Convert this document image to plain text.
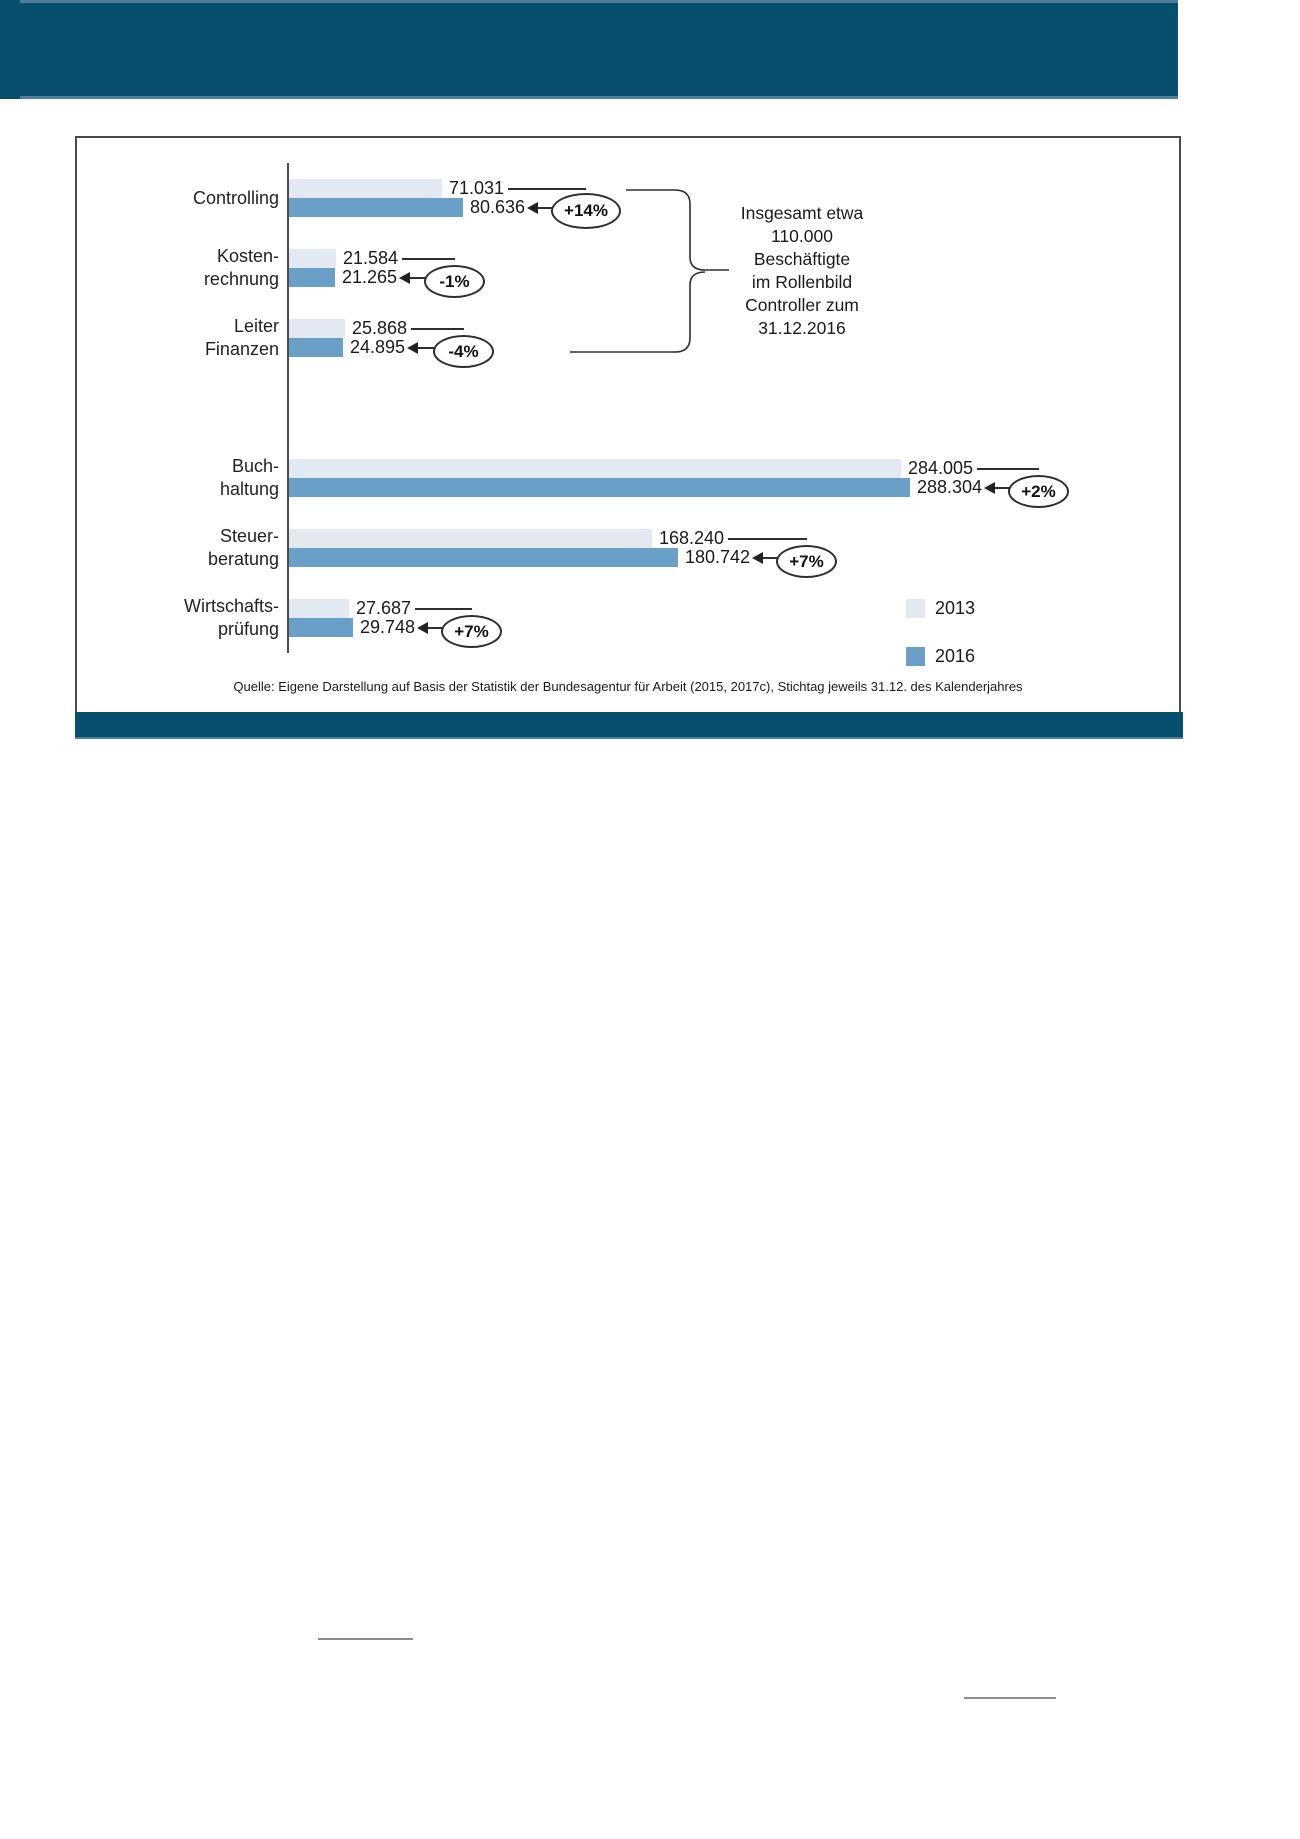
Insgesamt etwa
110.000
Beschäftigte
im Rollenbild
Controller zum
31.12.2016
2013
2016
Quelle: Eigene Darstellung auf Basis der Statistik der Bundesagentur für Arbeit (2015, 2017c), Stichtag jeweils 31.12. des Kalenderjahres
Controlling	71.031
80.636	+14%
Kosten-
rechnung
21.584
21.265	-1%
Leiter
Finanzen
25.868
24.895	-4%
Buch-
haltung
284.005
288.304	+2%
Steuer-
beratung
168.240
180.742	+7%
Wirtschafts-
prüfung
27.687
29.748	+7%
